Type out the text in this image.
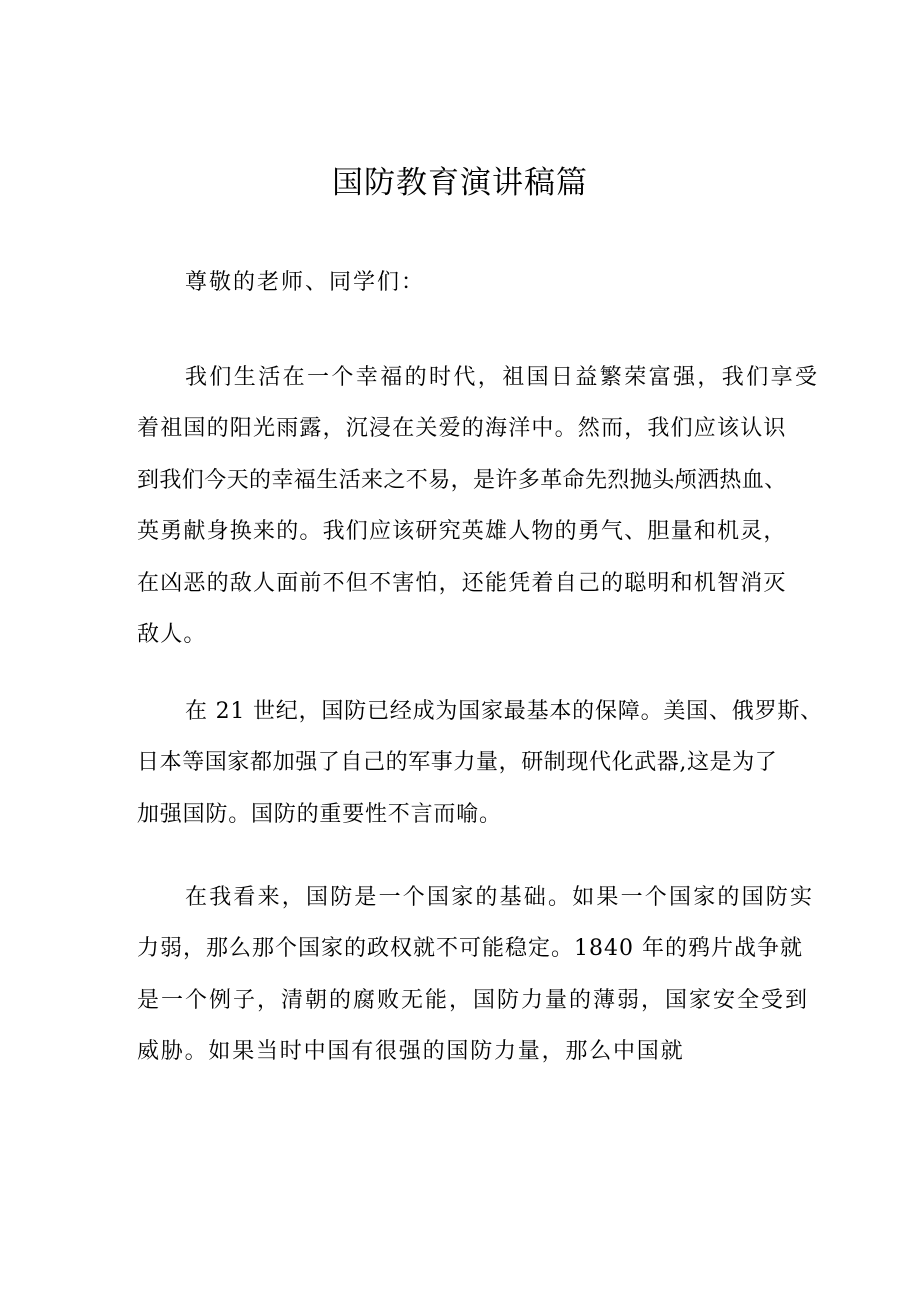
国防教育演讲稿篇

尊敬的老师、同学们：

我们生活在一个幸福的时代，祖国日益繁荣富强，我们享受
着祖国的阳光雨露，沉浸在关爱的海洋中。然而，我们应该认识
到我们今天的幸福生活来之不易，是许多革命先烈抛头颅洒热血、
英勇献身换来的。我们应该研究英雄人物的勇气、胆量和机灵，
在凶恶的敌人面前不但不害怕，还能凭着自己的聪明和机智消灭
敌人。
在 21 世纪，国防已经成为国家最基本的保障。美国、俄罗斯、
日本等国家都加强了自己的军事力量，研制现代化武器,这是为了
加强国防。国防的重要性不言而喻。
在我看来，国防是一个国家的基础。如果一个国家的国防实
力弱，那么那个国家的政权就不可能稳定。1840 年的鸦片战争就
是一个例子，清朝的腐败无能，国防力量的薄弱，国家安全受到
威胁。如果当时中国有很强的国防力量，那么中国就
